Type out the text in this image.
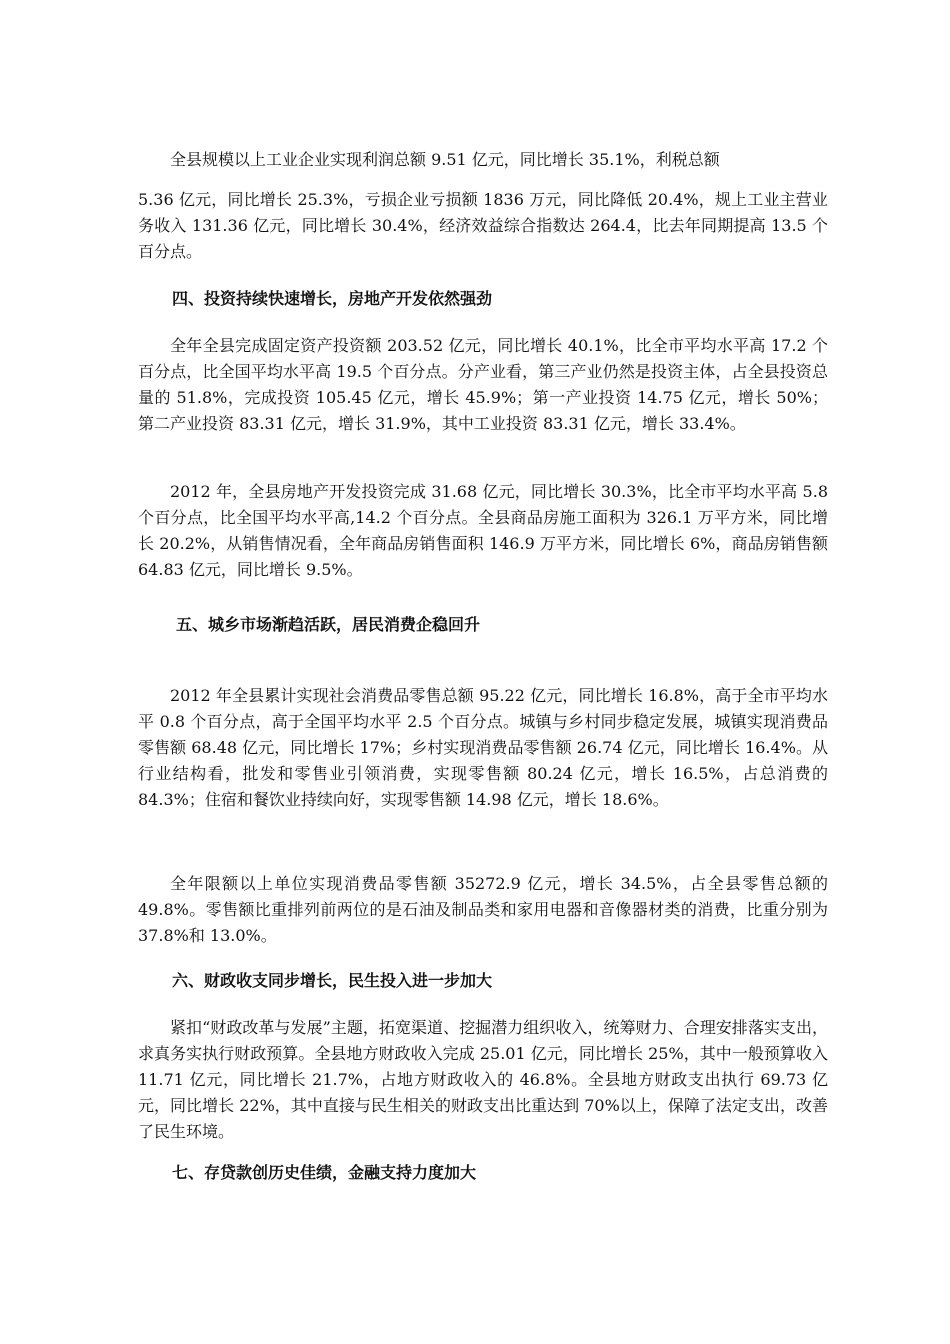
全县规模以上工业企业实现利润总额 9.51 亿元，同比增长 35.1%，利税总额

5.36 亿元，同比增长 25.3%，亏损企业亏损额 1836 万元，同比降低 20.4%，规上工业主营业务收入 131.36 亿元，同比增长 30.4%，经济效益综合指数达 264.4，比去年同期提高 13.5 个百分点。

四、投资持续快速增长，房地产开发依然强劲

全年全县完成固定资产投资额 203.52 亿元，同比增长 40.1%，比全市平均水平高 17.2 个百分点，比全国平均水平高 19.5 个百分点。分产业看，第三产业仍然是投资主体，占全县投资总量的 51.8%，完成投资 105.45 亿元，增长 45.9%；第一产业投资 14.75 亿元，增长 50%；第二产业投资 83.31 亿元，增长 31.9%，其中工业投资 83.31 亿元，增长 33.4%。

2012 年，全县房地产开发投资完成 31.68 亿元，同比增长 30.3%，比全市平均水平高 5.8 个百分点，比全国平均水平高,14.2 个百分点。全县商品房施工面积为 326.1 万平方米，同比增长 20.2%，从销售情况看，全年商品房销售面积 146.9 万平方米，同比增长 6%，商品房销售额 64.83 亿元，同比增长 9.5%。

五、城乡市场渐趋活跃，居民消费企稳回升

2012 年全县累计实现社会消费品零售总额 95.22 亿元，同比增长 16.8%，高于全市平均水平 0.8 个百分点，高于全国平均水平 2.5 个百分点。城镇与乡村同步稳定发展，城镇实现消费品零售额 68.48 亿元，同比增长 17%；乡村实现消费品零售额 26.74 亿元，同比增长 16.4%。从行业结构看，批发和零售业引领消费，实现零售额 80.24 亿元，增长 16.5%，占总消费的 84.3%；住宿和餐饮业持续向好，实现零售额 14.98 亿元，增长 18.6%。

全年限额以上单位实现消费品零售额 35272.9 亿元，增长 34.5%，占全县零售总额的 49.8%。零售额比重排列前两位的是石油及制品类和家用电器和音像器材类的消费，比重分别为 37.8%和 13.0%。

六、财政收支同步增长，民生投入进一步加大

紧扣“财政改革与发展”主题，拓宽渠道、挖掘潜力组织收入，统筹财力、合理安排落实支出，求真务实执行财政预算。全县地方财政收入完成 25.01 亿元，同比增长 25%，其中一般预算收入 11.71 亿元，同比增长 21.7%，占地方财政收入的 46.8%。全县地方财政支出执行 69.73 亿元，同比增长 22%，其中直接与民生相关的财政支出比重达到 70%以上，保障了法定支出，改善了民生环境。

七、存贷款创历史佳绩，金融支持力度加大
